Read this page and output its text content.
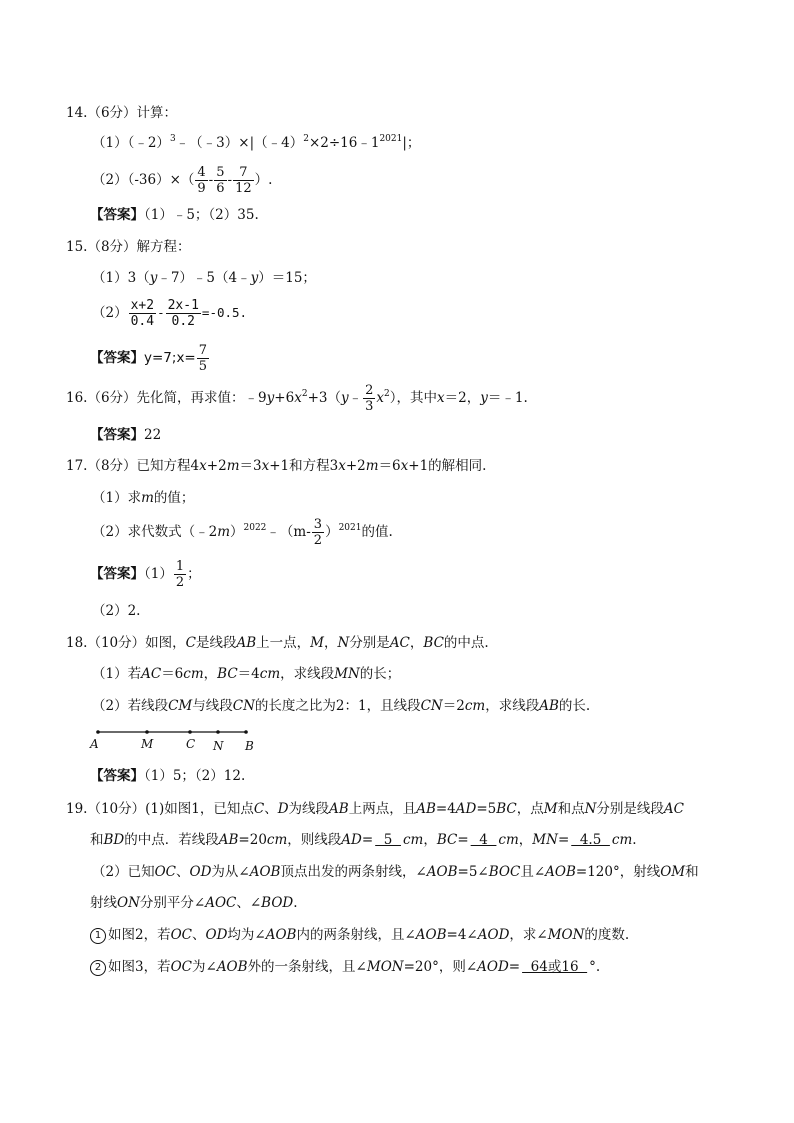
14.（6分）计算：
$(1)(﹣2)^3﹣(﹣3)\times|(﹣4)^2\times 2\div 16﹣1^{2021}|$；
$(2)(-36)\times( \frac{4}{9} - \frac{5}{6} - \frac{7}{12}$ ）.
【答案】（1）﹣5；（2）35.
15.（8分）解方程：
（1）3（y﹣7）﹣5（4﹣y）＝15；
$(2) \frac{x+2}{0.4} - \frac{2x-1}{0.2} =-0.5$.
【答案】y=7;x= $\frac{7}{5}$
16.（6分）先化简，再求值：$﹣9y+6x^2+3(y﹣ \frac{2}{3} x^2)$，其中x＝2，y＝﹣1.
【答案】22
17.（8分）已知方程4x+2m＝3x+1和方程3x+2m＝6x+1的解相同.
（1）求m的值；
（2）求代数式（﹣2m）$^{2022}$﹣（m- $\frac{3}{2} )^{2021}$的值.
【答案】$(1) \frac{1}{2}$ ；
（2）2.
18.（10分）如图，C是线段AB上一点，M，N分别是AC，BC的中点.
（1）若AC＝6cm，BC＝4cm，求线段MN的长；
（2）若线段CM与线段CN的长度之比为2：1，且线段CN＝2cm，求线段AB的长.
A	M	C N B
【答案】（1）5；（2）12.
19.（10分）(1)如图1，已知点C、D为线段AB上两点，且AB=4AD=5BC，点M和点N分别是线段AC
和BD的中点．若线段AB=20cm，则线段AD=  5  cm，BC=  4  cm，MN=  4.5  cm.
（2）已知OC、OD为从∠AOB顶点出发的两条射线，∠AOB=5∠BOC且∠AOB=120°，射线OM和
射线ON分别平分∠AOC、∠BOD.
1 如图2，若OC、OD均为∠AOB内的两条射线，且∠AOB=4∠AOD，求∠MON的度数.
2 如图3，若OC为∠AOB外的一条射线，且∠MON=20°，则∠AOD=  64或16  °.
